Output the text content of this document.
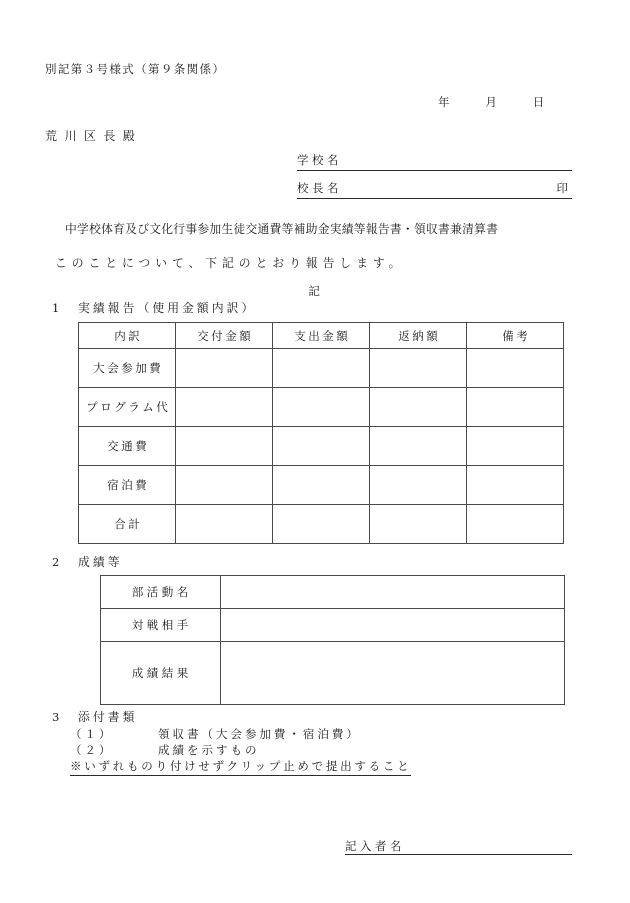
別記第３号様式（第９条関係）
年	月	日
荒川区長殿
学校名
校長名	印
中学校体育及び文化行事参加生徒交通費等補助金実績等報告書・領収書兼清算書
このことについて、下記のとおり報告します。
記
1 実績報告（使用金額内訳）
内訳	交付金額	支出金額	返納額	備考

大会参加費				

プログラム代				

交通費				

宿泊費				

合計				

2 成績等
部活動名	

対戦相手	

成績結果	

3 添付書類
（１）	領収書（大会参加費・宿泊費）
（２）	成績を示すもの
※いずれものり付けせずクリップ止めで提出すること
記入者名
